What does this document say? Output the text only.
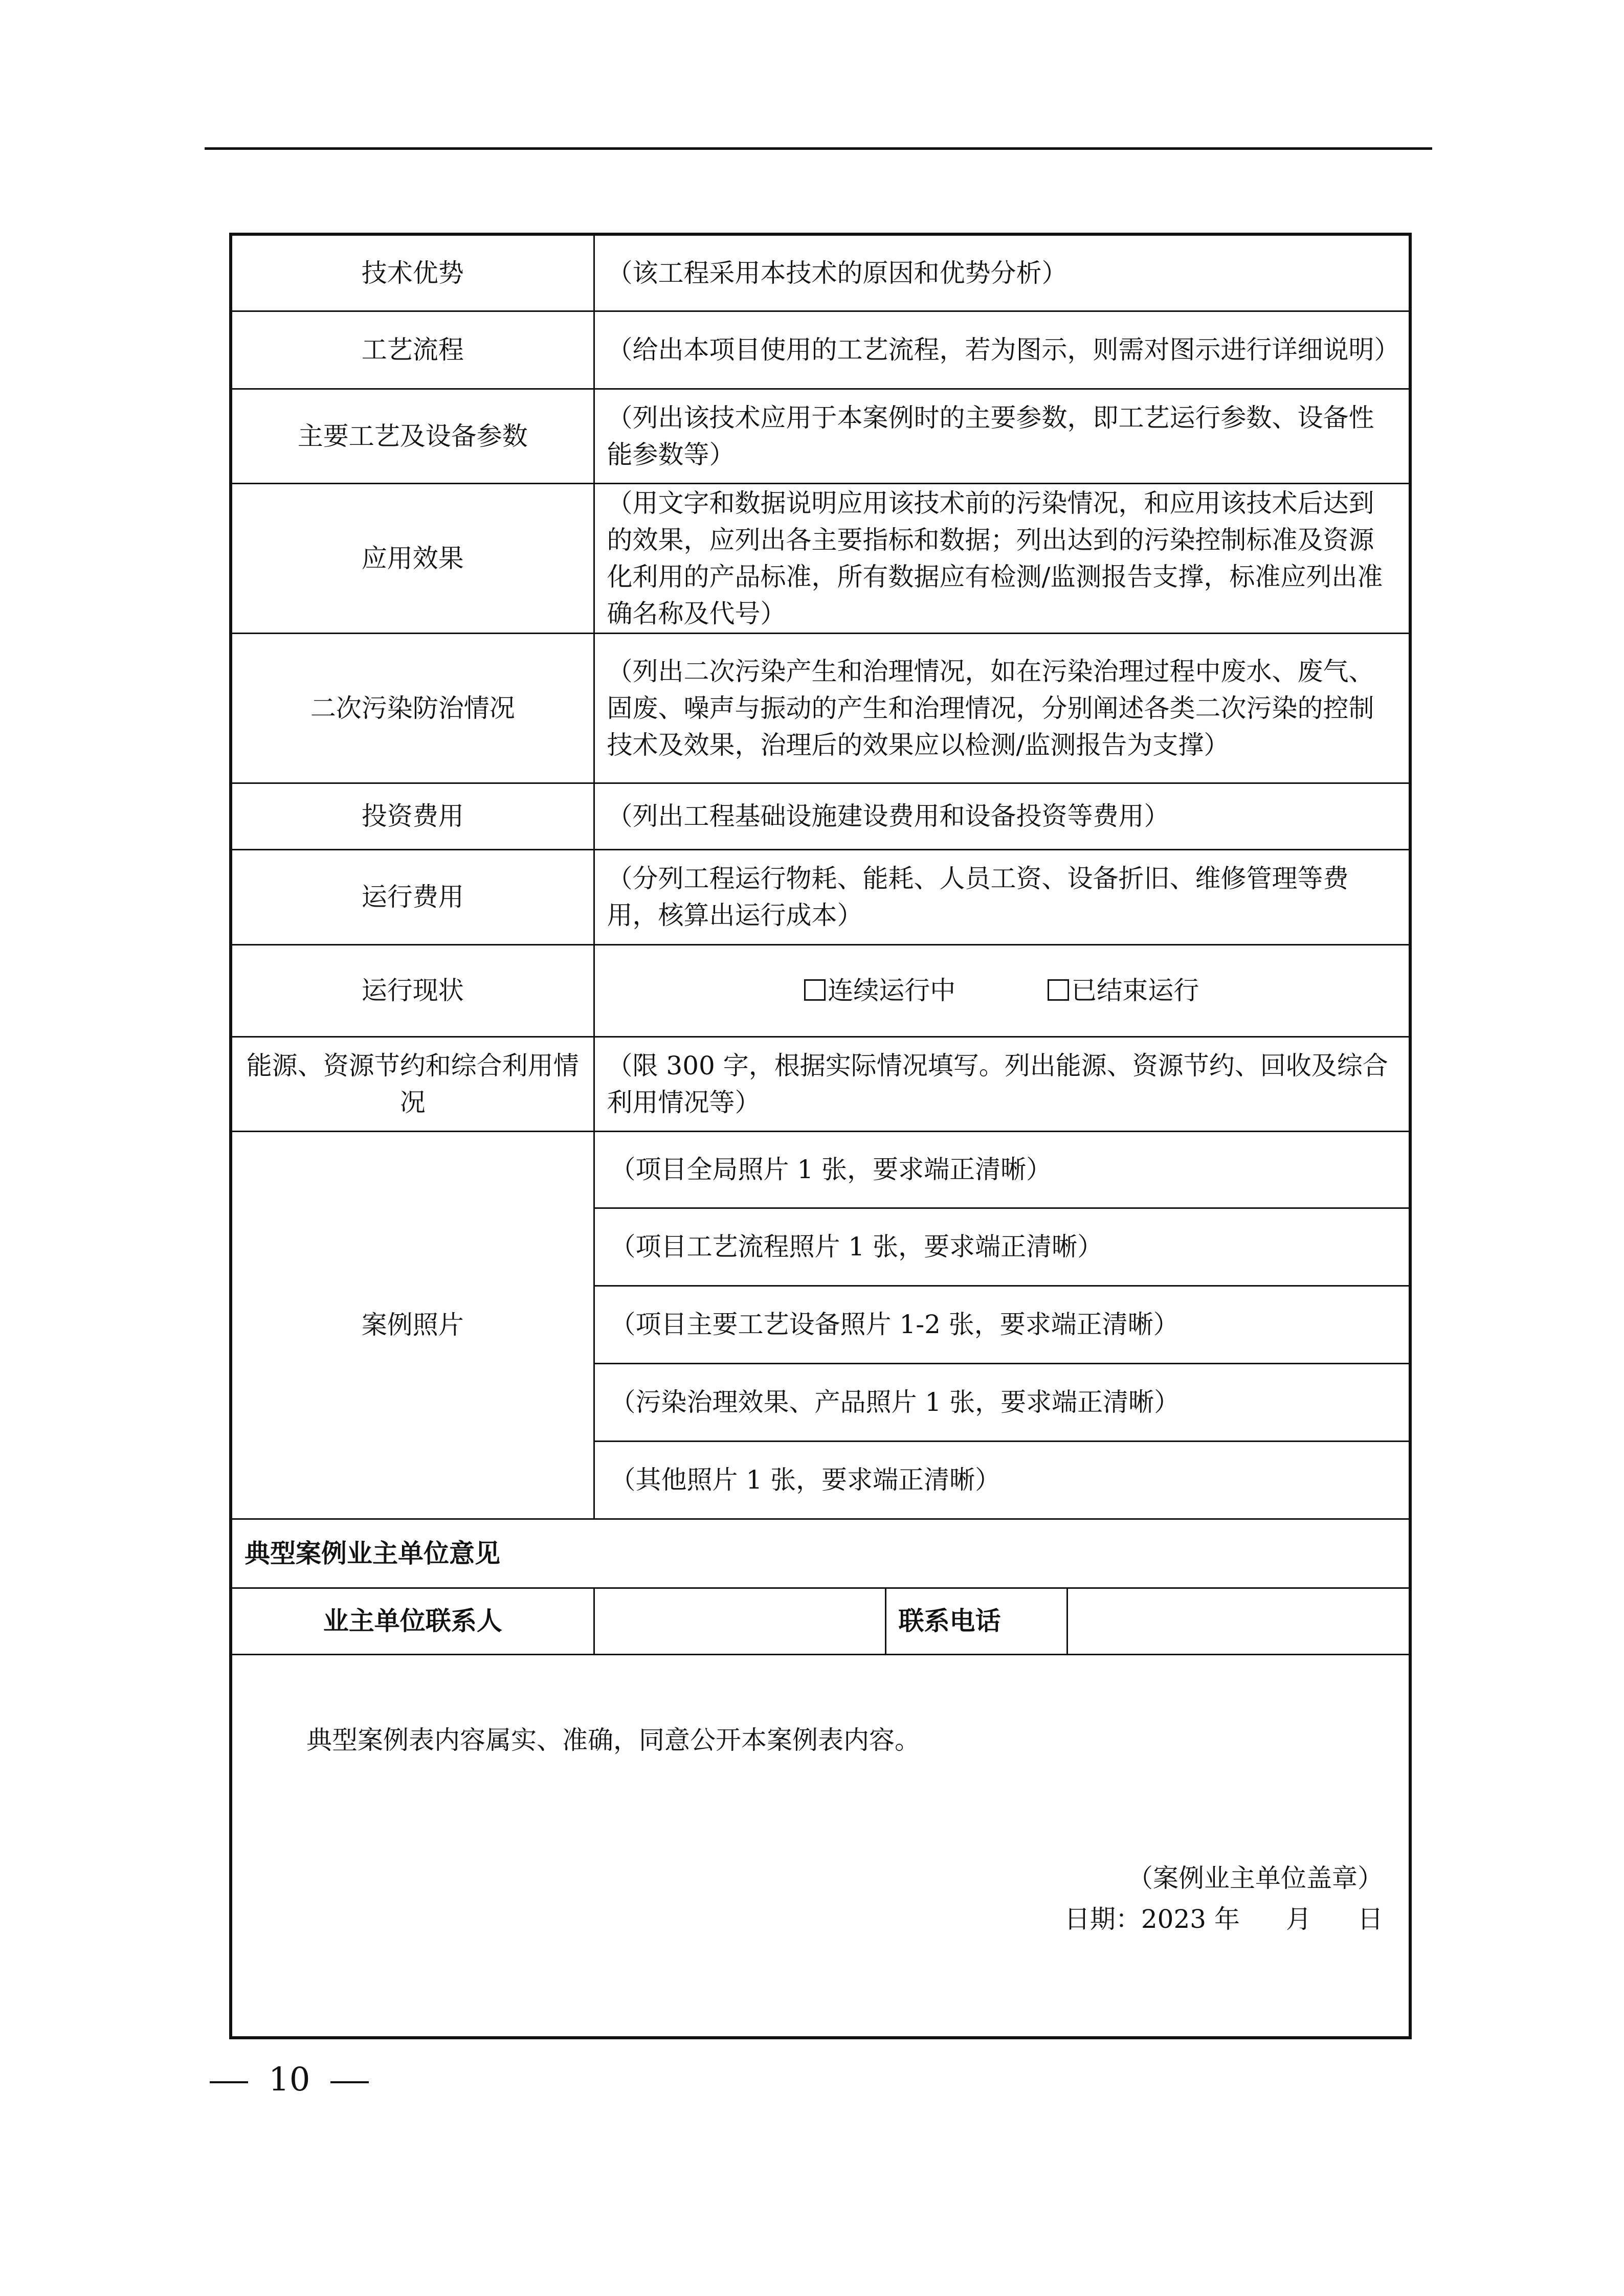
技术优势	（该工程采用本技术的原因和优势分析）		
工艺流程	（给出本项目使用的工艺流程，若为图示，则需对图示进行详细说明）		
主要工艺及设备参数	（列出该技术应用于本案例时的主要参数，即工艺运行参数、设备性能参数等）		
应用效果	（用文字和数据说明应用该技术前的污染情况，和应用该技术后达到的效果，应列出各主要指标和数据；列出达到的污染控制标准及资源化利用的产品标准，所有数据应有检测/监测报告支撑，标准应列出准确名称及代号）		
二次污染防治情况	（列出二次污染产生和治理情况，如在污染治理过程中废水、废气、固废、噪声与振动的产生和治理情况，分别阐述各类二次污染的控制技术及效果，治理后的效果应以检测/监测报告为支撑）		
投资费用	（列出工程基础设施建设费用和设备投资等费用）		
运行费用	（分列工程运行物耗、能耗、人员工资、设备折旧、维修管理等费用，核算出运行成本）		
运行现状	连续运行中 已结束运行		
能源、资源节约和综合利用情况	（限 300 字，根据实际情况填写。列出能源、资源节约、回收及综合利用情况等）		
案例照片	（项目全局照片 1 张，要求端正清晰）		
	（项目工艺流程照片 1 张，要求端正清晰）		
	（项目主要工艺设备照片 1-2 张，要求端正清晰）		
	（污染治理效果、产品照片 1 张，要求端正清晰）		
	（其他照片 1 张，要求端正清晰）		
典型案例业主单位意见			
业主单位联系人		联系电话	

典型案例表内容属实、准确，同意公开本案例表内容。
（案例业主单位盖章）
日期：2023 年 月 日			
10
